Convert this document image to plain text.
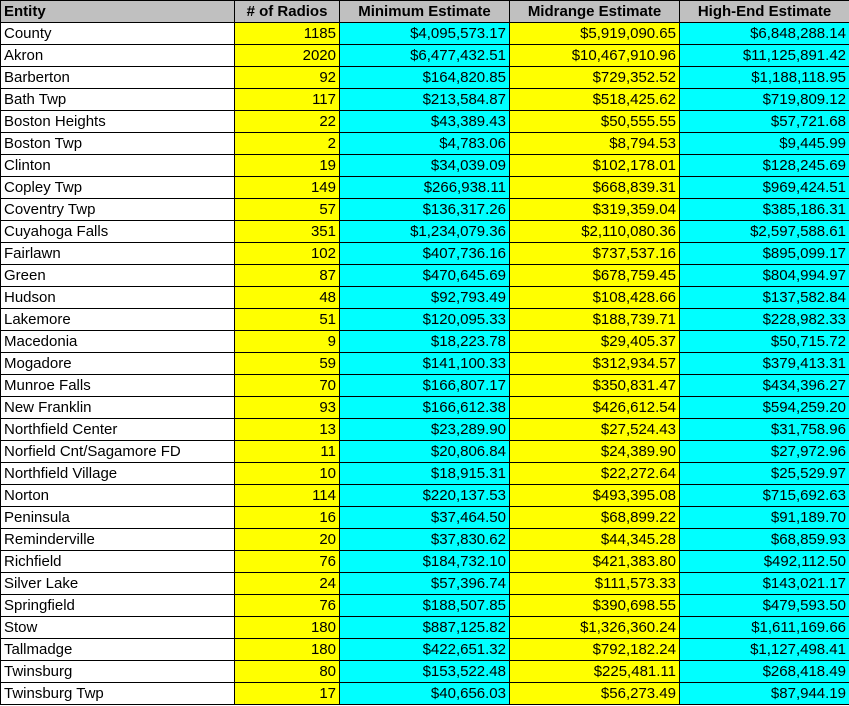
Entity	# of Radios	Minimum Estimate	Midrange Estimate	High-End Estimate
County	1185	$4,095,573.17	$5,919,090.65	$6,848,288.14
Akron	2020	$6,477,432.51	$10,467,910.96	$11,125,891.42
Barberton	92	$164,820.85	$729,352.52	$1,188,118.95
Bath Twp	117	$213,584.87	$518,425.62	$719,809.12
Boston Heights	22	$43,389.43	$50,555.55	$57,721.68
Boston Twp	2	$4,783.06	$8,794.53	$9,445.99
Clinton	19	$34,039.09	$102,178.01	$128,245.69
Copley Twp	149	$266,938.11	$668,839.31	$969,424.51
Coventry Twp	57	$136,317.26	$319,359.04	$385,186.31
Cuyahoga Falls	351	$1,234,079.36	$2,110,080.36	$2,597,588.61
Fairlawn	102	$407,736.16	$737,537.16	$895,099.17
Green	87	$470,645.69	$678,759.45	$804,994.97
Hudson	48	$92,793.49	$108,428.66	$137,582.84
Lakemore	51	$120,095.33	$188,739.71	$228,982.33
Macedonia	9	$18,223.78	$29,405.37	$50,715.72
Mogadore	59	$141,100.33	$312,934.57	$379,413.31
Munroe Falls	70	$166,807.17	$350,831.47	$434,396.27
New Franklin	93	$166,612.38	$426,612.54	$594,259.20
Northfield Center	13	$23,289.90	$27,524.43	$31,758.96
Norfield Cnt/Sagamore FD	11	$20,806.84	$24,389.90	$27,972.96
Northfield Village	10	$18,915.31	$22,272.64	$25,529.97
Norton	114	$220,137.53	$493,395.08	$715,692.63
Peninsula	16	$37,464.50	$68,899.22	$91,189.70
Reminderville	20	$37,830.62	$44,345.28	$68,859.93
Richfield	76	$184,732.10	$421,383.80	$492,112.50
Silver Lake	24	$57,396.74	$111,573.33	$143,021.17
Springfield	76	$188,507.85	$390,698.55	$479,593.50
Stow	180	$887,125.82	$1,326,360.24	$1,611,169.66
Tallmadge	180	$422,651.32	$792,182.24	$1,127,498.41
Twinsburg	80	$153,522.48	$225,481.11	$268,418.49
Twinsburg Twp	17	$40,656.03	$56,273.49	$87,944.19
